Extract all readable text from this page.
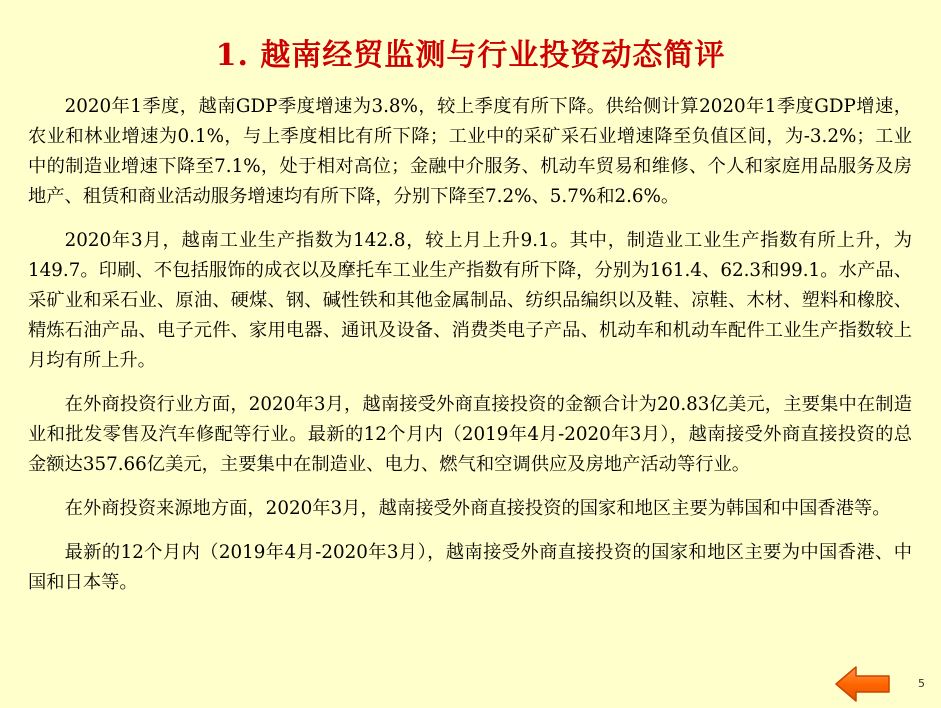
1. 越南经贸监测与行业投资动态简评

2020年1季度，越南GDP季度增速为3.8%，较上季度有所下降。供给侧计算2020年1季度GDP增速，农业和林业增速为0.1%，与上季度相比有所下降；工业中的采矿采石业增速降至负值区间，为-3.2%；工业中的制造业增速下降至7.1%，处于相对高位；金融中介服务、机动车贸易和维修、个人和家庭用品服务及房地产、租赁和商业活动服务增速均有所下降，分别下降至7.2%、5.7%和2.6%。

2020年3月，越南工业生产指数为142.8，较上月上升9.1。其中，制造业工业生产指数有所上升，为149.7。印刷、不包括服饰的成衣以及摩托车工业生产指数有所下降，分别为161.4、62.3和99.1。水产品、采矿业和采石业、原油、硬煤、钢、碱性铁和其他金属制品、纺织品编织以及鞋、凉鞋、木材、塑料和橡胶、精炼石油产品、电子元件、家用电器、通讯及设备、消费类电子产品、机动车和机动车配件工业生产指数较上月均有所上升。

在外商投资行业方面，2020年3月，越南接受外商直接投资的金额合计为20.83亿美元，主要集中在制造业和批发零售及汽车修配等行业。最新的12个月内（2019年4月-2020年3月），越南接受外商直接投资的总金额达357.66亿美元，主要集中在制造业、电力、燃气和空调供应及房地产活动等行业。

在外商投资来源地方面，2020年3月，越南接受外商直接投资的国家和地区主要为韩国和中国香港等。

最新的12个月内（2019年4月-2020年3月），越南接受外商直接投资的国家和地区主要为中国香港、中国和日本等。

5
